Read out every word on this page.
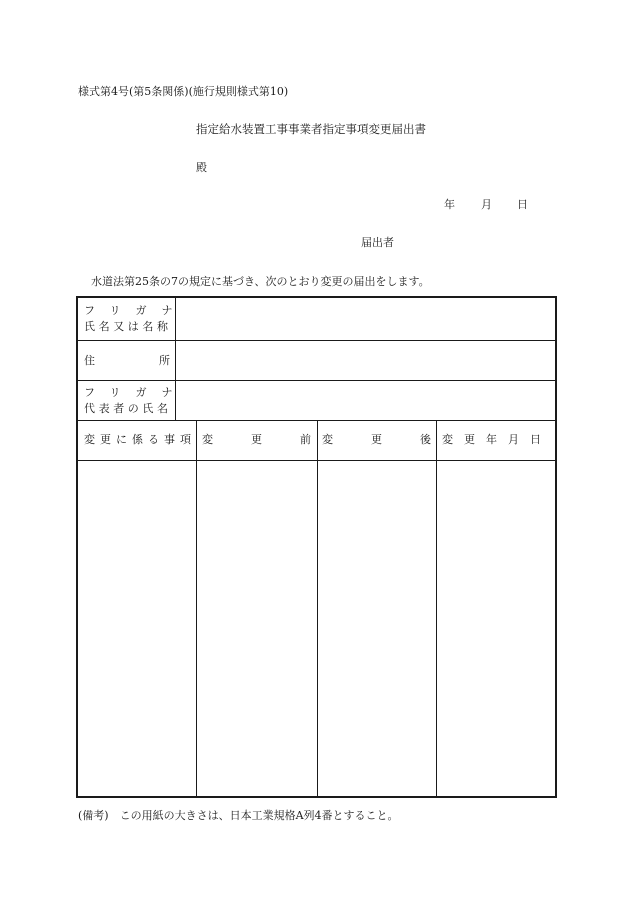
様式第4号(第5条関係)(施行規則様式第10)
指定給水装置工事事業者指定事項変更届出書
殿
年	月	日
届出者
水道法第25条の7の規定に基づき、次のとおり変更の届出をします。
フリガナ
氏名又は名称
住所
フリガナ
代表者の氏名
変更に係る事項 変更前
変更後
変更年月日
(備考)　この用紙の大きさは、日本工業規格A列4番とすること。
